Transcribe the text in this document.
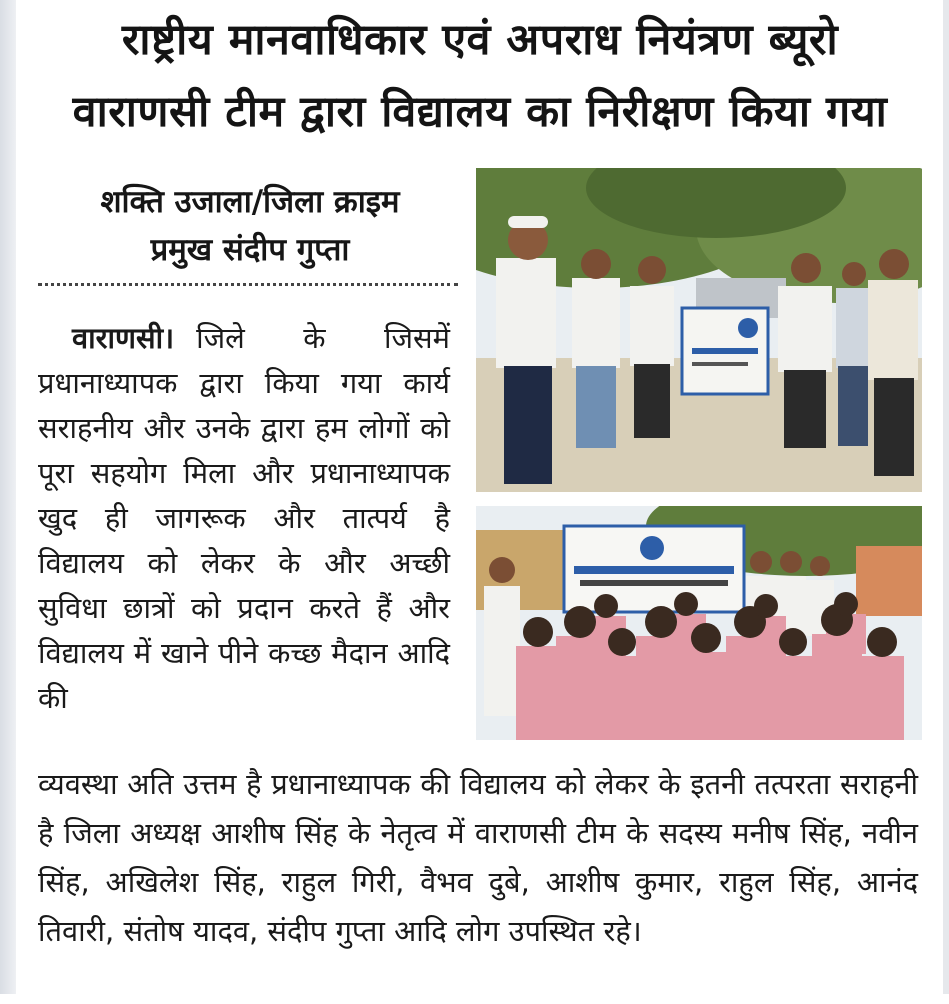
राष्ट्रीय मानवाधिकार एवं अपराध नियंत्रण ब्यूरो
वाराणसी टीम द्वारा विद्यालय का निरीक्षण किया गया
शक्ति उजाला/जिला क्राइम
प्रमुख संदीप गुप्ता
वाराणसी। जिले के जिसमें प्रधानाध्यापक द्वारा किया गया कार्य सराहनीय और उनके द्वारा हम लोगों को पूरा सहयोग मिला और प्रधानाध्यापक खुद ही जागरूक और तात्पर्य है विद्यालय को लेकर के और अच्छी सुविधा छात्रों को प्रदान करते हैं और विद्यालय में खाने पीने कच्छ मैदान आदि की
व्यवस्था अति उत्तम है प्रधानाध्यापक की विद्यालय को लेकर के इतनी तत्परता सराहनी है जिला अध्यक्ष आशीष सिंह के नेतृत्व में वाराणसी टीम के सदस्य मनीष सिंह, नवीन सिंह, अखिलेश सिंह, राहुल गिरी, वैभव दुबे, आशीष कुमार, राहुल सिंह, आनंद तिवारी, संतोष यादव, संदीप गुप्ता आदि लोग उपस्थित रहे।
